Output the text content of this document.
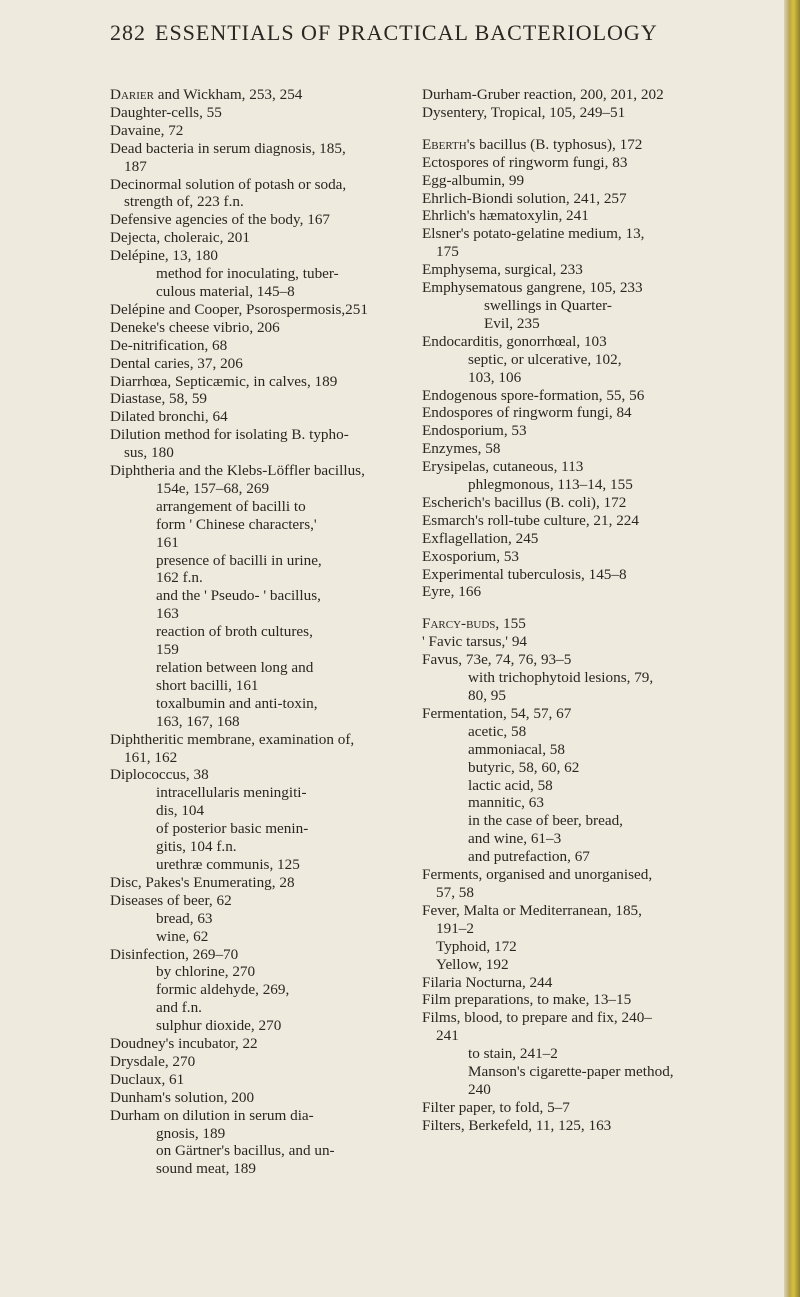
282 ESSENTIALS OF PRACTICAL BACTERIOLOGY
Darier and Wickham, 253, 254
Daughter-cells, 55
Davaine, 72
Dead bacteria in serum diagnosis, 185,
187
Decinormal solution of potash or soda,
strength of, 223 f.n.
Defensive agencies of the body, 167
Dejecta, choleraic, 201
Delépine, 13, 180
method for inoculating, tuber-
culous material, 145–8
Delépine and Cooper, Psorospermosis,251
Deneke's cheese vibrio, 206
De-nitrification, 68
Dental caries, 37, 206
Diarrhœa, Septicæmic, in calves, 189
Diastase, 58, 59
Dilated bronchi, 64
Dilution method for isolating B. typho-
sus, 180
Diphtheria and the Klebs-Löffler bacillus,
154e, 157–68, 269
arrangement of bacilli to
form ' Chinese characters,'
161
presence of bacilli in urine,
162 f.n.
and the ' Pseudo- ' bacillus,
163
reaction of broth cultures,
159
relation between long and
short bacilli, 161
toxalbumin and anti-toxin,
163, 167, 168
Diphtheritic membrane, examination of,
161, 162
Diplococcus, 38
intracellularis meningiti-
dis, 104
of posterior basic menin-
gitis, 104 f.n.
urethræ communis, 125
Disc, Pakes's Enumerating, 28
Diseases of beer, 62
bread, 63
wine, 62
Disinfection, 269–70
by chlorine, 270
formic aldehyde, 269,
and f.n.
sulphur dioxide, 270
Doudney's incubator, 22
Drysdale, 270
Duclaux, 61
Dunham's solution, 200
Durham on dilution in serum dia-
gnosis, 189
on Gärtner's bacillus, and un-
sound meat, 189
Durham-Gruber reaction, 200, 201, 202
Dysentery, Tropical, 105, 249–51
Eberth's bacillus (B. typhosus), 172
Ectospores of ringworm fungi, 83
Egg-albumin, 99
Ehrlich-Biondi solution, 241, 257
Ehrlich's hæmatoxylin, 241
Elsner's potato-gelatine medium, 13,
175
Emphysema, surgical, 233
Emphysematous gangrene, 105, 233
swellings in Quarter-
Evil, 235
Endocarditis, gonorrhœal, 103
septic, or ulcerative, 102,
103, 106
Endogenous spore-formation, 55, 56
Endospores of ringworm fungi, 84
Endosporium, 53
Enzymes, 58
Erysipelas, cutaneous, 113
phlegmonous, 113–14, 155
Escherich's bacillus (B. coli), 172
Esmarch's roll-tube culture, 21, 224
Exflagellation, 245
Exosporium, 53
Experimental tuberculosis, 145–8
Eyre, 166
Farcy-buds, 155
' Favic tarsus,' 94
Favus, 73e, 74, 76, 93–5
with trichophytoid lesions, 79,
80, 95
Fermentation, 54, 57, 67
acetic, 58
ammoniacal, 58
butyric, 58, 60, 62
lactic acid, 58
mannitic, 63
in the case of beer, bread,
and wine, 61–3
and putrefaction, 67
Ferments, organised and unorganised,
57, 58
Fever, Malta or Mediterranean, 185,
191–2
Typhoid, 172
Yellow, 192
Filaria Nocturna, 244
Film preparations, to make, 13–15
Films, blood, to prepare and fix, 240–
241
to stain, 241–2
Manson's cigarette-paper method,
240
Filter paper, to fold, 5–7
Filters, Berkefeld, 11, 125, 163
